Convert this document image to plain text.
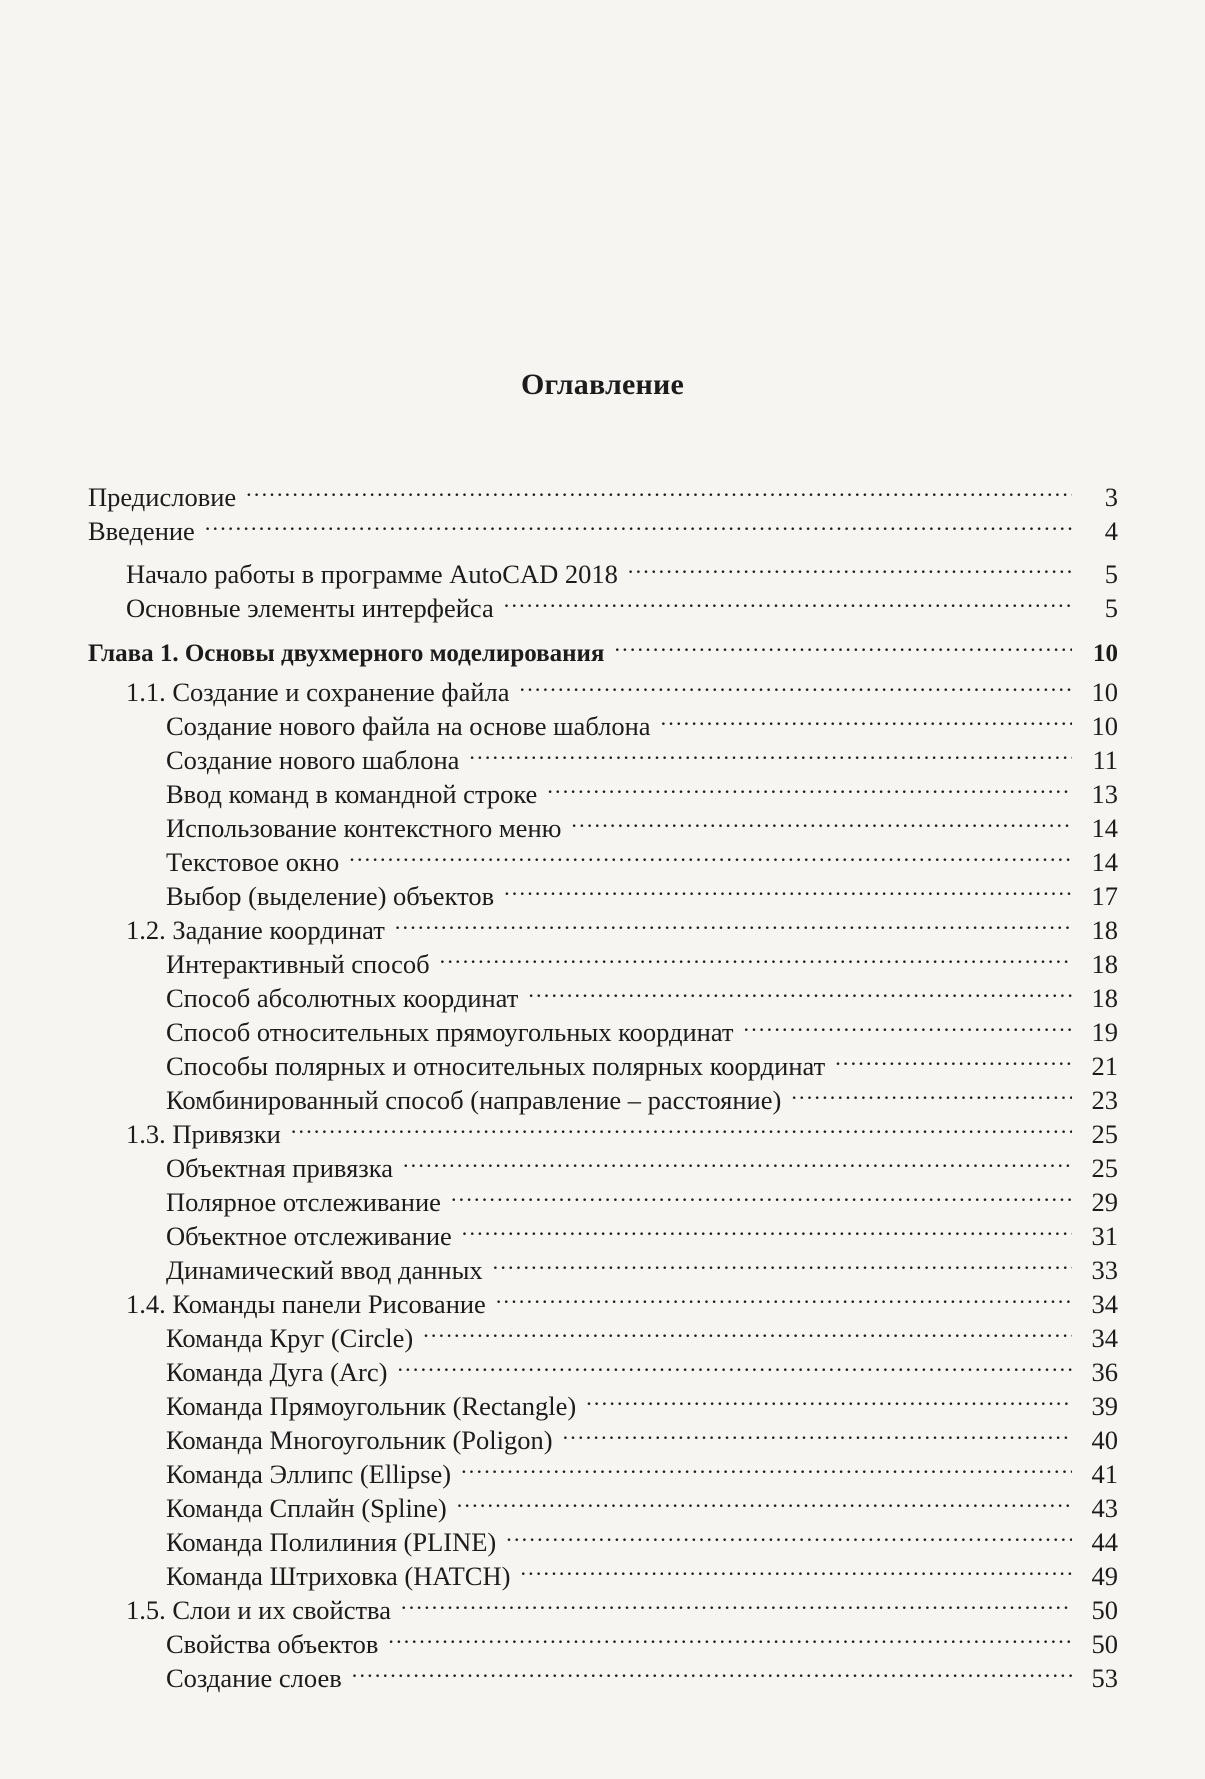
Оглавление
Предисловие .....	3
Введение .....	4
Начало работы в программе AutoCAD 2018 .....	5
Основные элементы интерфейса .....	5
Глава 1. Основы двухмерного моделирования .....	10
1.1. Создание и сохранение файла .....	10
Создание нового файла на основе шаблона .....	10
Создание нового шаблона .....	11
Ввод команд в командной строке .....	13
Использование контекстного меню .....	14
Текстовое окно .....	14
Выбор (выделение) объектов .....	17
1.2. Задание координат .....	18
Интерактивный способ .....	18
Способ абсолютных координат .....	18
Способ относительных прямоугольных координат .....	19
Способы полярных и относительных полярных координат .....	21
Комбинированный способ (направление – расстояние) .....	23
1.3. Привязки .....	25
Объектная привязка .....	25
Полярное отслеживание .....	29
Объектное отслеживание .....	31
Динамический ввод данных .....	33
1.4. Команды панели Рисование .....	34
Команда Круг (Circle) .....	34
Команда Дуга (Arc) .....	36
Команда Прямоугольник (Rectangle) .....	39
Команда Многоугольник (Poligon) .....	40
Команда Эллипс (Ellipse) .....	41
Команда Сплайн (Spline) .....	43
Команда Полилиния (PLINE) .....	44
Команда Штриховка (HATCH) .....	49
1.5. Слои и их свойства .....	50
Свойства объектов .....	50
Создание слоев .....	53
